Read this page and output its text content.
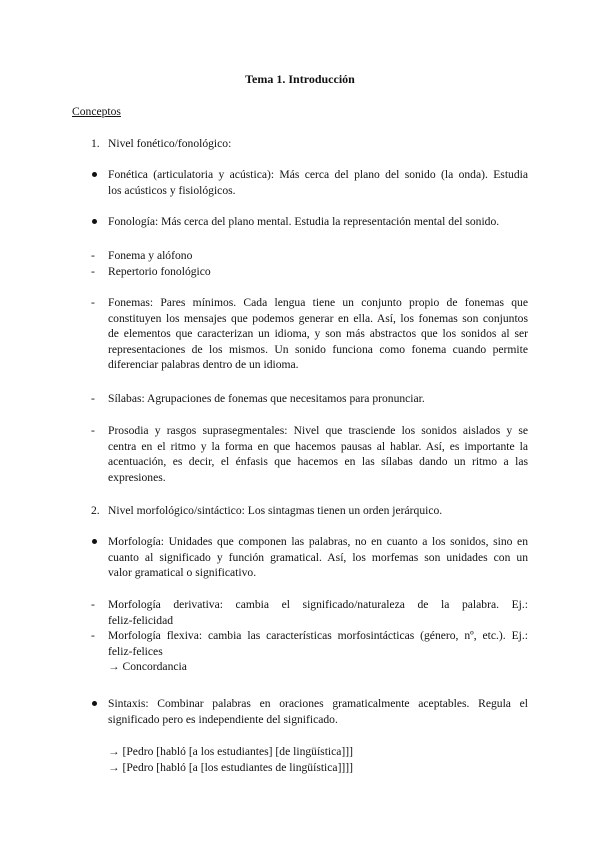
Tema 1. Introducción
Conceptos
1. Nivel fonético/fonológico:
Fonética (articulatoria y acústica): Más cerca del plano del sonido (la onda). Estudia
los acústicos y fisiológicos.
Fonología: Más cerca del plano mental. Estudia la representación mental del sonido.
- Fonema y alófono
- Repertorio fonológico
- Fonemas: Pares mínimos. Cada lengua tiene un conjunto propio de fonemas que
constituyen los mensajes que podemos generar en ella. Así, los fonemas son conjuntos
de elementos que caracterizan un idioma, y son más abstractos que los sonidos al ser
representaciones de los mismos. Un sonido funciona como fonema cuando permite
diferenciar palabras dentro de un idioma.
- Sílabas: Agrupaciones de fonemas que necesitamos para pronunciar.
- Prosodia y rasgos suprasegmentales: Nivel que trasciende los sonidos aislados y se
centra en el ritmo y la forma en que hacemos pausas al hablar. Así, es importante la
acentuación, es decir, el énfasis que hacemos en las sílabas dando un ritmo a las
expresiones.
2. Nivel morfológico/sintáctico: Los sintagmas tienen un orden jerárquico.
Morfología: Unidades que componen las palabras, no en cuanto a los sonidos, sino en
cuanto al significado y función gramatical. Así, los morfemas son unidades con un
valor gramatical o significativo.
- Morfología derivativa: cambia el significado/naturaleza de la palabra. Ej.:
feliz-felicidad
- Morfología flexiva: cambia las características morfosintácticas (género, nº, etc.). Ej.:
feliz-felices
→ Concordancia
Sintaxis: Combinar palabras en oraciones gramaticalmente aceptables. Regula el
significado pero es independiente del significado.
→ [Pedro [habló [a los estudiantes] [de lingüística]]]
→ [Pedro [habló [a [los estudiantes de lingüística]]]]
